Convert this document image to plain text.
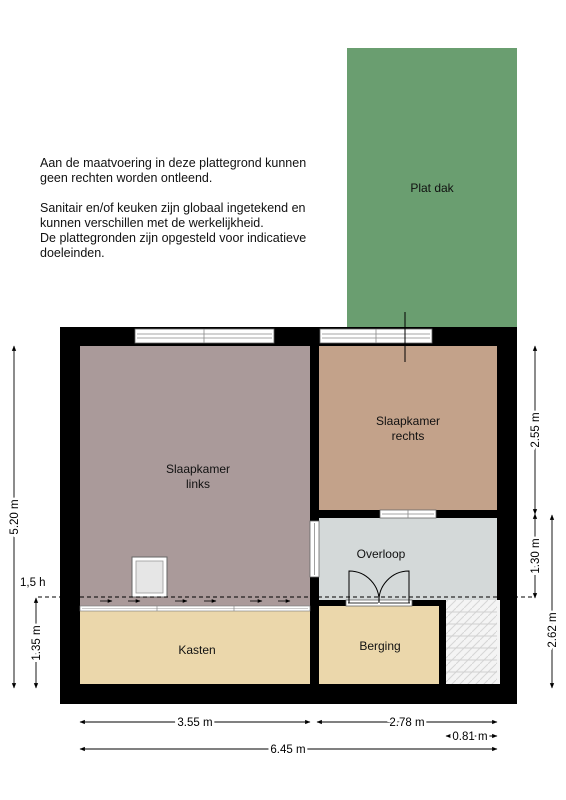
Aan de maatvoering in deze plattegrond kunnen
geen rechten worden ontleend.

Sanitair en/of keuken zijn globaal ingetekend en
kunnen verschillen met de werkelijkheid.
De plattegronden zijn opgesteld voor indicatieve
doeleinden.

Plat dak
Slaapkamer
links
Slaapkamer
rechts
Overloop
Kasten	Berging
5.20 m
1,5 h
1.35 m
2.55 m
1.30 m
2.62 m
3.55 m	2.78 m
0.81 m
6.45 m
